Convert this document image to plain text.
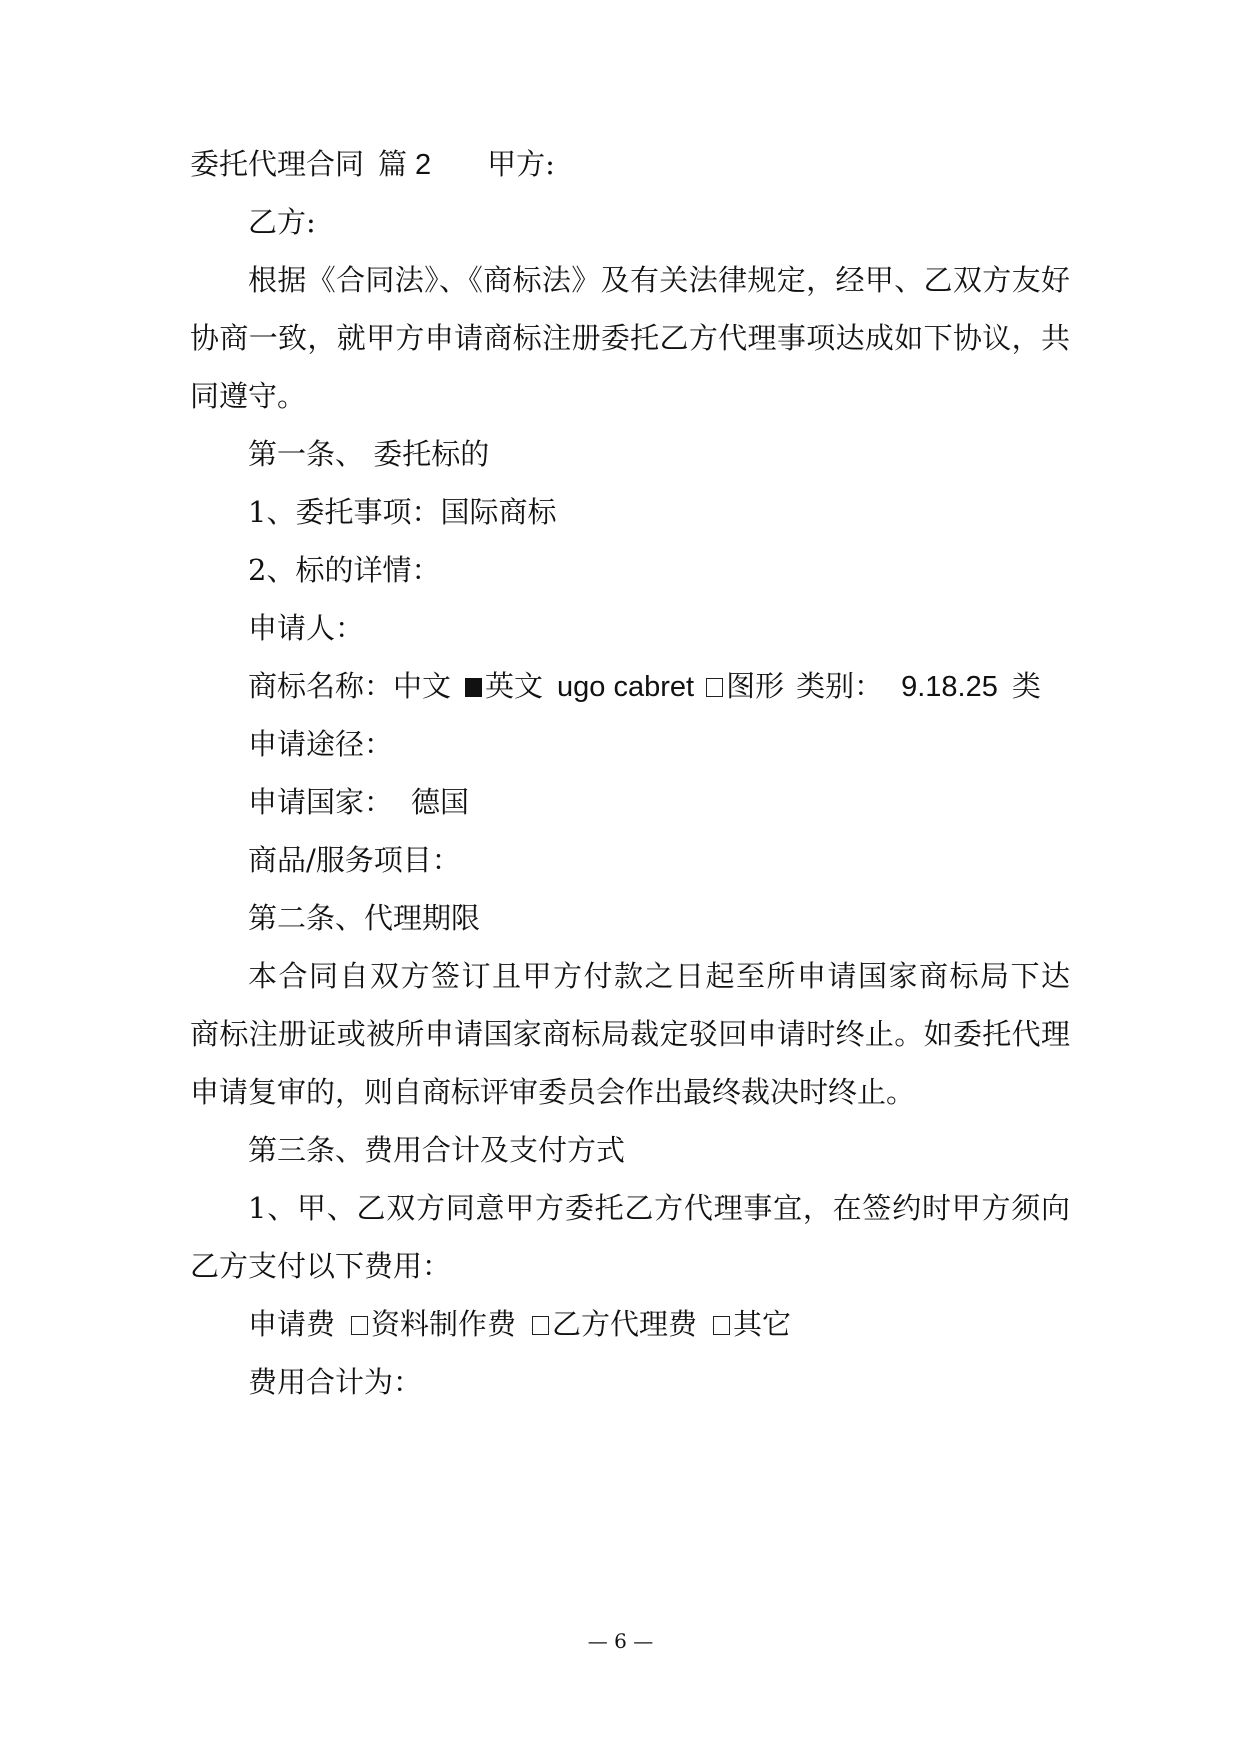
委托代理合同 篇 2 甲方:
乙方:
根据《合同法》、《商标法》及有关法律规定，经甲、乙双方友好
协商一致，就甲方申请商标注册委托乙方代理事项达成如下协议，共
同遵守。
第一条、 委托标的
1、委托事项：国际商标
2、标的详情：
申请人：
商标名称：中文 英文 ugo cabret 图形 类别： 9.18.25 类
申请途径：
申请国家： 德国
商品/服务项目：
第二条、代理期限
本合同自双方签订且甲方付款之日起至所申请国家商标局下达
商标注册证或被所申请国家商标局裁定驳回申请时终止。如委托代理
申请复审的，则自商标评审委员会作出最终裁决时终止。
第三条、费用合计及支付方式
1、甲、乙双方同意甲方委托乙方代理事宜，在签约时甲方须向
乙方支付以下费用：
申请费 资料制作费 乙方代理费 其它
费用合计为：
— 6 —
